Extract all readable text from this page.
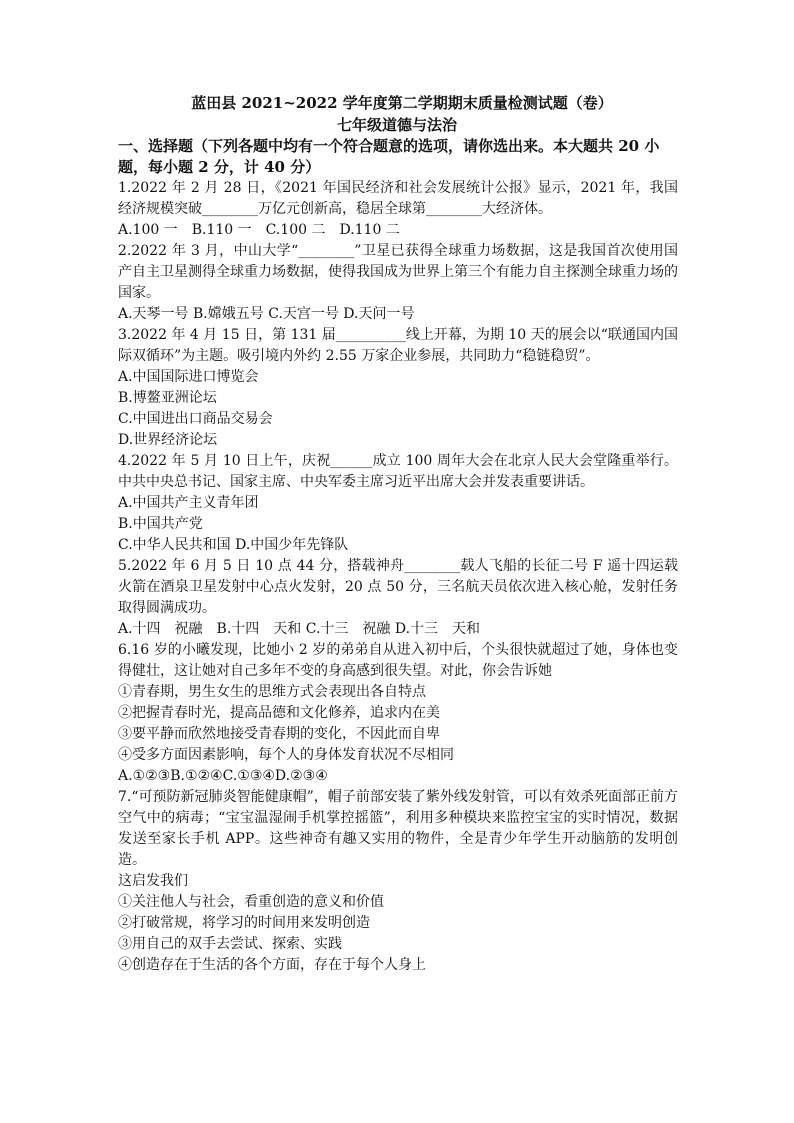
蓝田县 2021~2022 学年度第二学期期末质量检测试题（卷）
七年级道德与法治

一、选择题（下列各题中均有一个符合题意的选项，请你选出来。本大题共 20 小题，每小题 2 分，计 40 分）

1.2022 年 2 月 28 日，《2021 年国民经济和社会发展统计公报》显示，2021 年，我国经济规模突破________万亿元创新高，稳居全球第________大经济体。

A.100 一　B.110 一　C.100 二　D.110 二

2.2022 年 3 月，中山大学“________”卫星已获得全球重力场数据，这是我国首次使用国产自主卫星测得全球重力场数据，使得我国成为世界上第三个有能力自主探测全球重力场的国家。

A.天琴一号 B.嫦娥五号 C.天宫一号 D.天问一号

3.2022 年 4 月 15 日，第 131 届__________线上开幕，为期 10 天的展会以“联通国内国际双循环”为主题。吸引境内外约 2.55 万家企业参展，共同助力“稳链稳贸”。

A.中国国际进口博览会

B.博鳌亚洲论坛

C.中国进出口商品交易会

D.世界经济论坛

4.2022 年 5 月 10 日上午，庆祝______成立 100 周年大会在北京人民大会堂隆重举行。中共中央总书记、国家主席、中央军委主席习近平出席大会并发表重要讲话。

A.中国共产主义青年团

B.中国共产党

C.中华人民共和国 D.中国少年先锋队

5.2022 年 6 月 5 日 10 点 44 分，搭载神舟________载人飞船的长征二号 F 遥十四运载火箭在酒泉卫星发射中心点火发射，20 点 50 分，三名航天员依次进入核心舱，发射任务取得圆满成功。

A.十四　祝融　B.十四　天和 C.十三　祝融 D.十三　天和

6.16 岁的小曦发现，比她小 2 岁的弟弟自从进入初中后，个头很快就超过了她，身体也变得健壮，这让她对自己多年不变的身高感到很失望。对此，你会告诉她

①青春期，男生女生的思维方式会表现出各自特点

②把握青春时光，提高品德和文化修养，追求内在美

③要平静而欣然地接受青春期的变化，不因此而自卑

④受多方面因素影响，每个人的身体发育状况不尽相同

A.①②③B.①②④C.①③④D.②③④

7.“可预防新冠肺炎智能健康帽”，帽子前部安装了紫外线发射管，可以有效杀死面部正前方空气中的病毒；“宝宝温湿闹手机掌控摇篮”，利用多种模块来监控宝宝的实时情况，数据发送至家长手机 APP。这些神奇有趣又实用的物件，全是青少年学生开动脑筋的发明创造。

这启发我们

①关注他人与社会，看重创造的意义和价值

②打破常规，将学习的时间用来发明创造

③用自己的双手去尝试、探索、实践

④创造存在于生活的各个方面，存在于每个人身上
